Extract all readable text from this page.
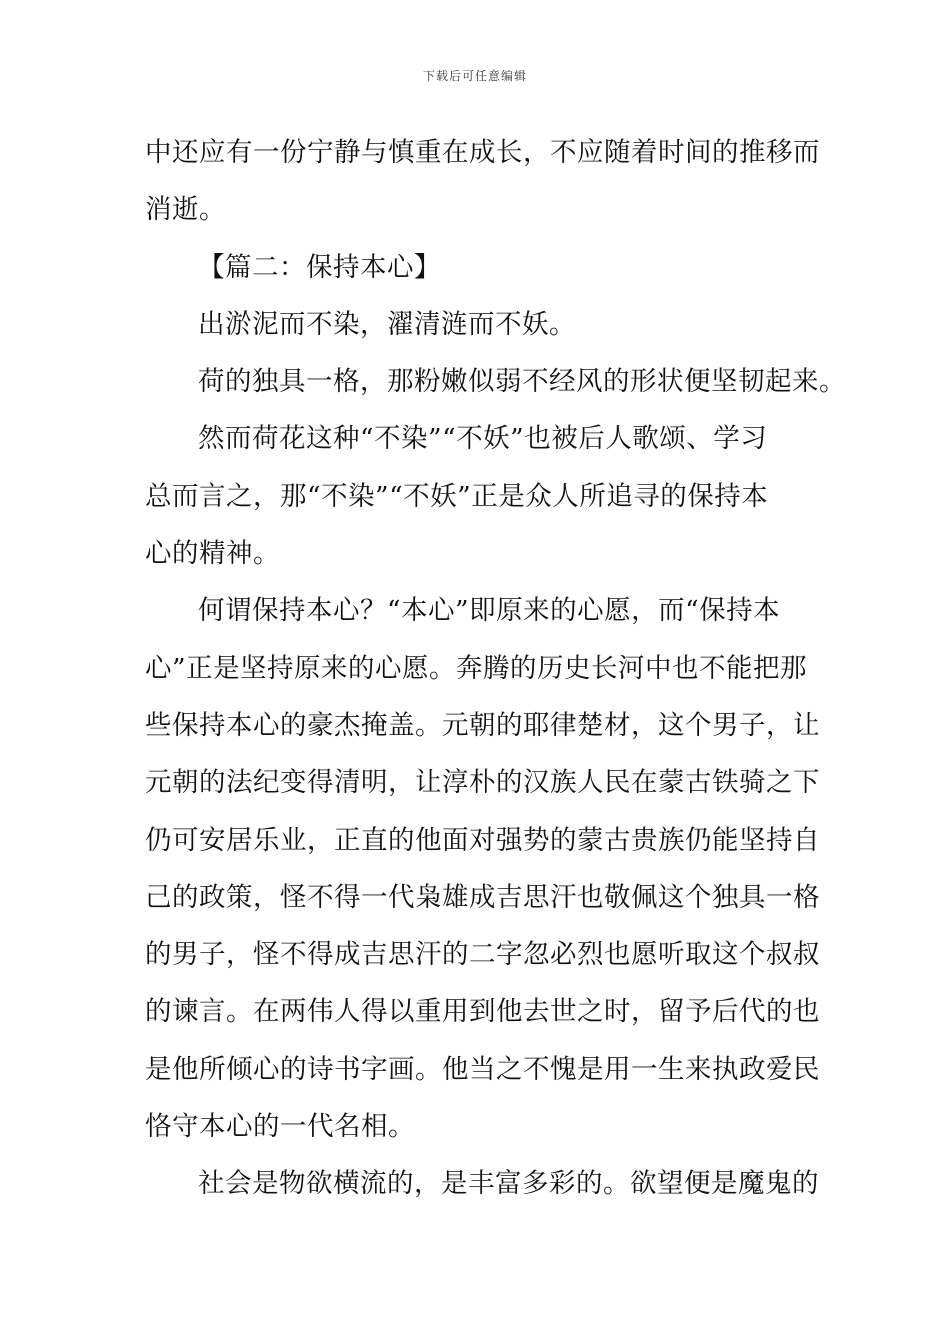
下载后可任意编辑
中还应有一份宁静与慎重在成长，不应随着时间的推移而
消逝。
【篇二：保持本心】
出淤泥而不染，濯清涟而不妖。
荷的独具一格，那粉嫩似弱不经风的形状便坚韧起来。
然而荷花这种“不染”“不妖”也被后人歌颂、学习
总而言之，那“不染”“不妖”正是众人所追寻的保持本
心的精神。
何谓保持本心？“本心”即原来的心愿，而“保持本
心”正是坚持原来的心愿。奔腾的历史长河中也不能把那
些保持本心的豪杰掩盖。元朝的耶律楚材，这个男子，让
元朝的法纪变得清明，让淳朴的汉族人民在蒙古铁骑之下
仍可安居乐业，正直的他面对强势的蒙古贵族仍能坚持自
己的政策，怪不得一代枭雄成吉思汗也敬佩这个独具一格
的男子，怪不得成吉思汗的二字忽必烈也愿听取这个叔叔
的谏言。在两伟人得以重用到他去世之时，留予后代的也
是他所倾心的诗书字画。他当之不愧是用一生来执政爱民
恪守本心的一代名相。
社会是物欲横流的，是丰富多彩的。欲望便是魔鬼的
